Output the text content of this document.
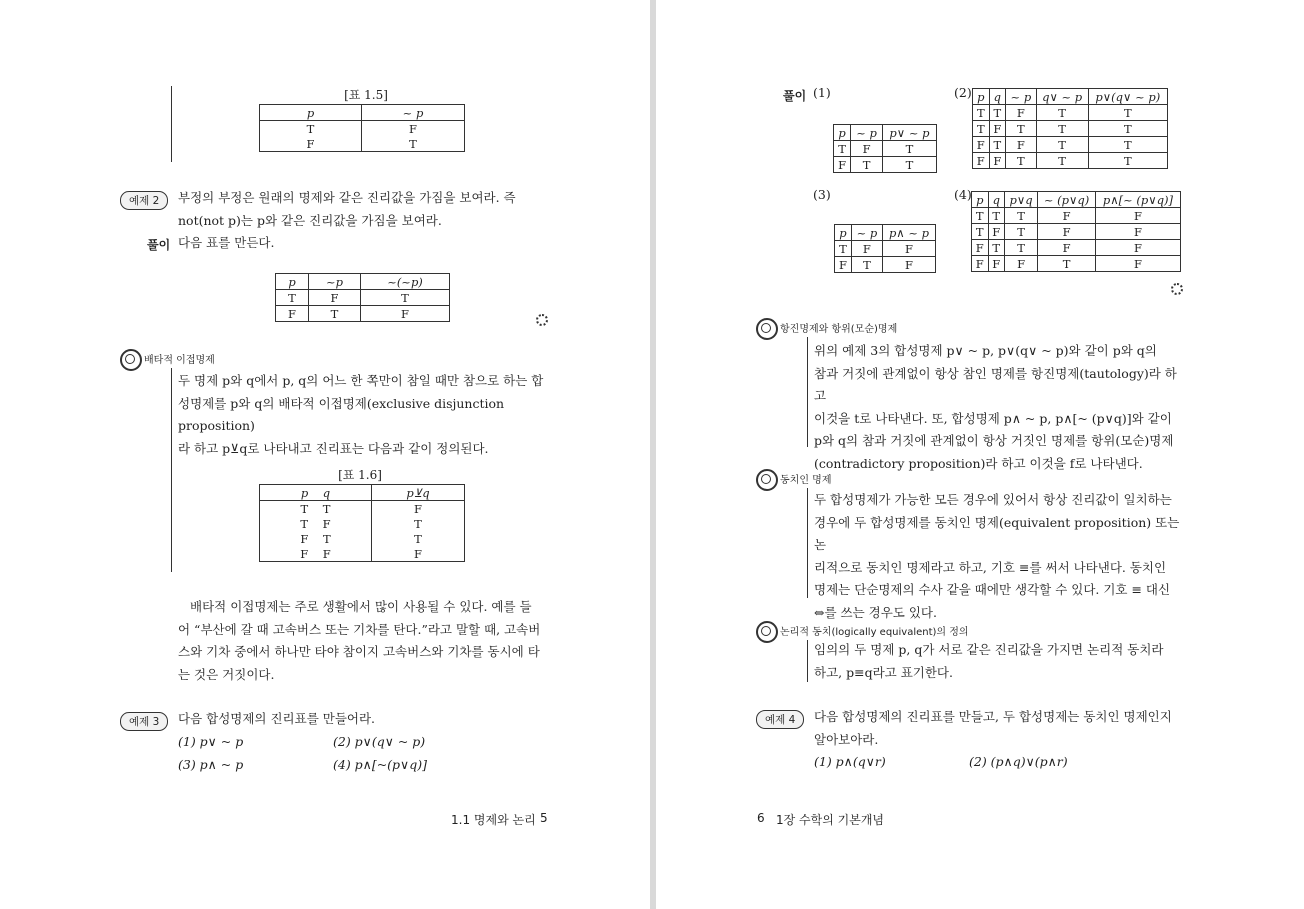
[표 1.5]
p	~ p
T	F
F	T
예제 2	부정의 부정은 원래의 명제와 같은 진리값을 가짐을 보여라. 즉
not(not p)는 p와 같은 진리값을 가짐을 보여라.
풀이 다음 표를 만든다.
p	~p	~(~p)
T	F	T
F	T	F
배타적 이접명제
두 명제 p와 q에서 p, q의 어느 한 쪽만이 참일 때만 참으로 하는 합
성명제를 p와 q의 배타적 이접명제(exclusive disjunction proposition)
라 하고 p⊻q로 나타내고 진리표는 다음과 같이 정의된다.
[표 1.6]
p    q	p⊻q
T    T	F
T    F	T
F    T	T
F    F	F
배타적 이접명제는 주로 생활에서 많이 사용될 수 있다. 예를 들
어 “부산에 갈 때 고속버스 또는 기차를 탄다.”라고 말할 때, 고속버
스와 기차 중에서 하나만 타야 참이지 고속버스와 기차를 동시에 타
는 것은 거짓이다.
예제 3	다음 합성명제의 진리표를 만들어라.
(1) p∨ ~ p	(2) p∨(q∨ ~ p)
(3) p∧ ~ p	(4) p∧[~(p∨q)]
1.1 명제와 논리 5
풀이 (1)
p	~ p	p∨ ~ p
T	F	T
F	T	T
(2) p	q	~ p	q∨ ~ p	p∨(q∨ ~ p)
T	T	F	T	T
T	F	T	T	T
F	T	F	T	T
F	F	T	T	T
(3)
p	~ p	p∧ ~ p
T	F	F
F	T	F
(4) p	q	p∨q	~ (p∨q)	p∧[~ (p∨q)]
T	T	T	F	F
T	F	T	F	F
F	T	T	F	F
F	F	F	T	F
항진명제와 항위(모순)명제
위의 예제 3의 합성명제 p∨ ~ p, p∨(q∨ ~ p)와 같이 p와 q의
참과 거짓에 관계없이 항상 참인 명제를 항진명제(tautology)라 하고
이것을 t로 나타낸다. 또, 합성명제 p∧ ~ p, p∧[~ (p∨q)]와 같이
p와 q의 참과 거짓에 관계없이 항상 거짓인 명제를 항위(모순)명제
(contradictory proposition)라 하고 이것을 f로 나타낸다.
동치인 명제
두 합성명제가 가능한 모든 경우에 있어서 항상 진리값이 일치하는
경우에 두 합성명제를 동치인 명제(equivalent proposition) 또는 논
리적으로 동치인 명제라고 하고, 기호 ≡를 써서 나타낸다. 동치인
명제는 단순명제의 수사 같을 때에만 생각할 수 있다. 기호 ≡ 대신
⇔를 쓰는 경우도 있다.
논리적 동치(logically equivalent)의 정의
임의의 두 명제 p, q가 서로 같은 진리값을 가지면 논리적 동치라
하고, p≡q라고 표기한다.
예제 4	다음 합성명제의 진리표를 만들고, 두 합성명제는 동치인 명제인지
알아보아라.
(1) p∧(q∨r)	(2) (p∧q)∨(p∧r)
6 1장 수학의 기본개념
